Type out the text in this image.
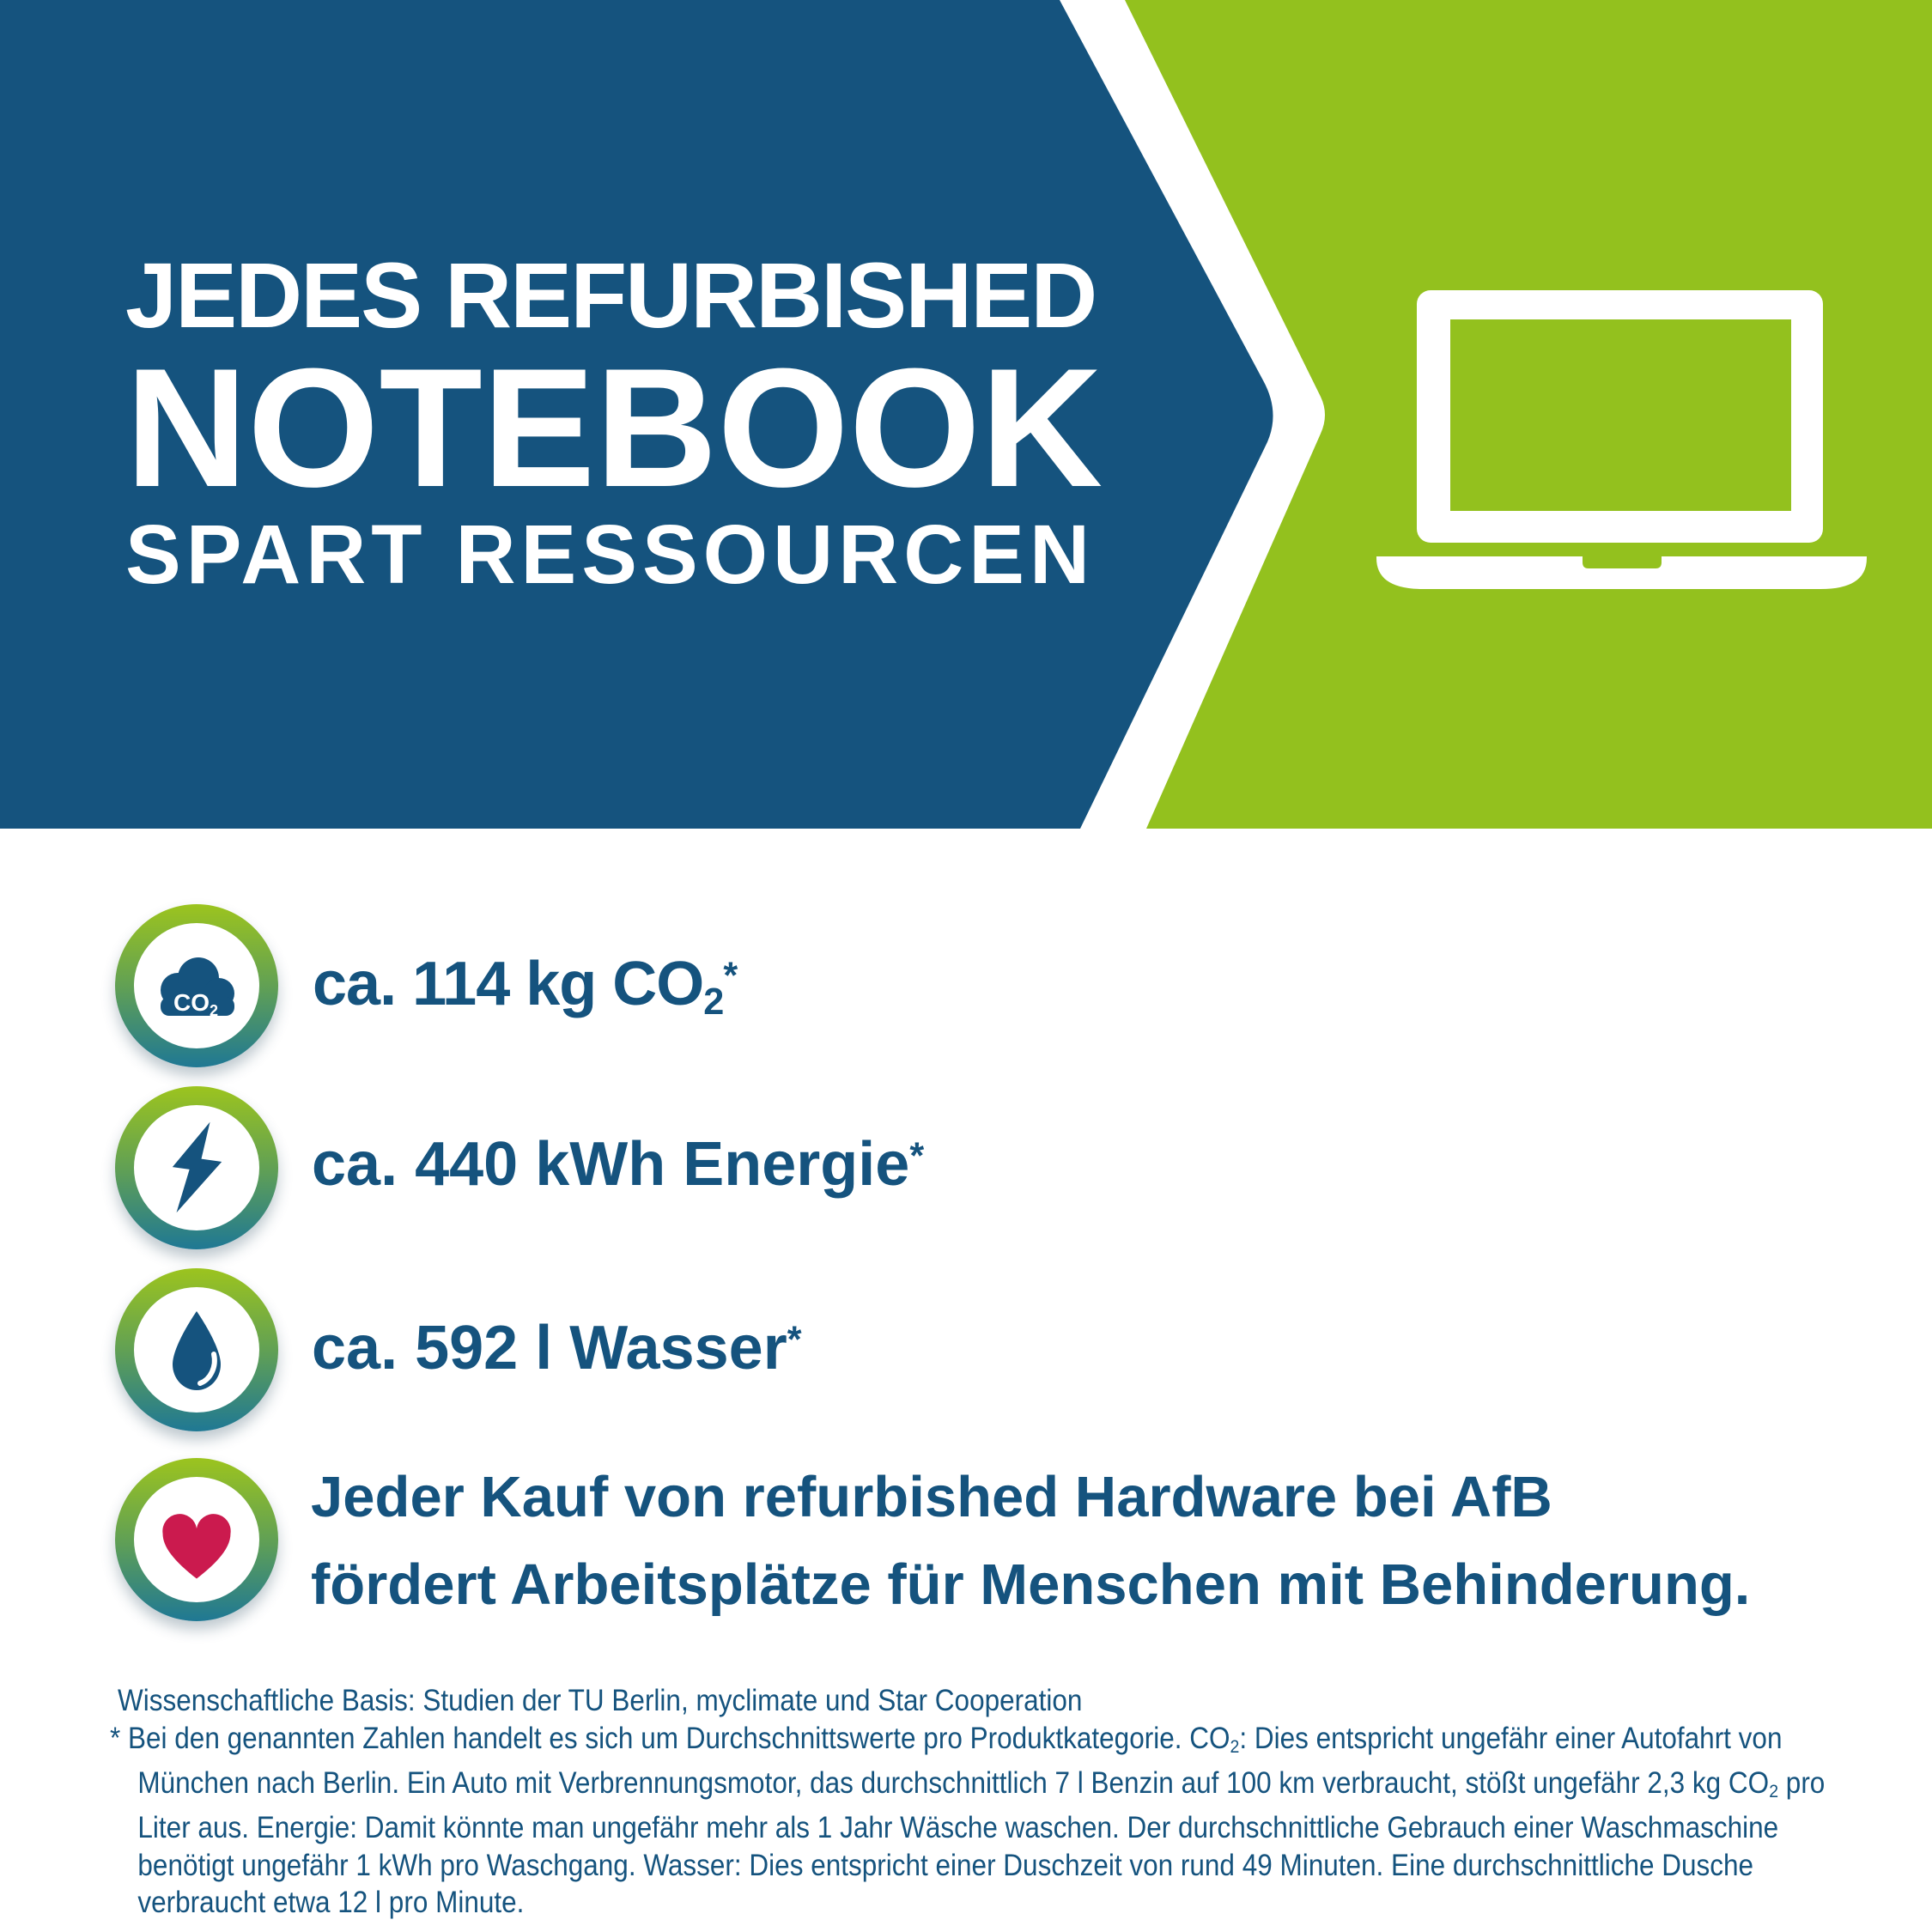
JEDES REFURBISHED
NOTEBOOK
SPART RESSOURCEN
$CO_2$ ca. 114 kg $CO_2^*$
ca. 440 kWh Energie*
ca. 592 l Wasser*
Jeder Kauf von refurbished Hardware bei AfB
fördert Arbeitsplätze für Menschen mit Behinderung.
Wissenschaftliche Basis: Studien der TU Berlin, myclimate und Star Cooperation
* Bei den genannten Zahlen handelt es sich um Durchschnittswerte pro Produktkategorie. CO2: Dies entspricht ungefähr einer Autofahrt von
München nach Berlin. Ein Auto mit Verbrennungsmotor, das durchschnittlich 7 l Benzin auf 100 km verbraucht, stößt ungefähr 2,3 kg CO2 pro
Liter aus. Energie: Damit könnte man ungefähr mehr als 1 Jahr Wäsche waschen. Der durchschnittliche Gebrauch einer Waschmaschine
benötigt ungefähr 1 kWh pro Waschgang. Wasser: Dies entspricht einer Duschzeit von rund 49 Minuten. Eine durchschnittliche Dusche
verbraucht etwa 12 l pro Minute.
